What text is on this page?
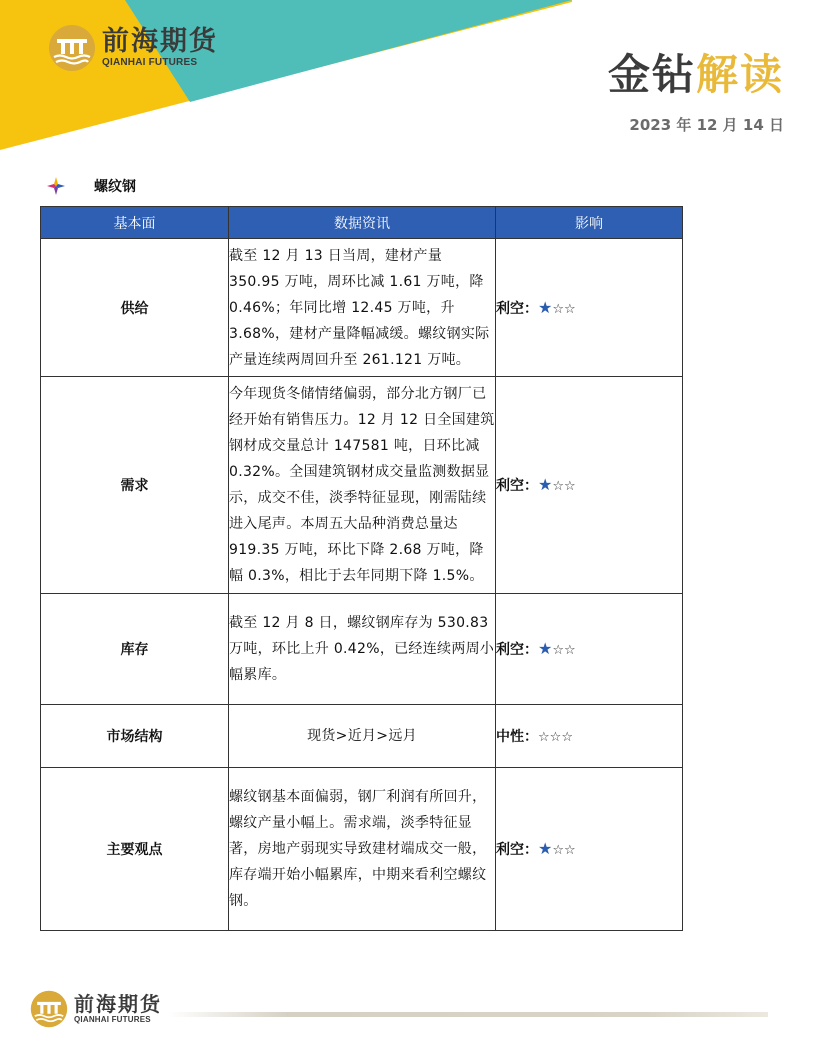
前海期货
QIANHAI FUTURES	金钻解读
2023 年 12 月 14 日
螺纹钢
基本面	数据资讯	影响
供给	截至 12 月 13 日当周，建材产量 350.95 万吨，周环比减 1.61 万吨，降 0.46%；年同比增 12.45 万吨，升 3.68%，建材产量降幅减缓。螺纹钢实际产量连续两周回升至 261.121 万吨。	利空：★☆☆
需求	今年现货冬储情绪偏弱，部分北方钢厂已经开始有销售压力。12 月 12 日全国建筑钢材成交量总计 147581 吨，日环比减 0.32%。全国建筑钢材成交量监测数据显示，成交不佳，淡季特征显现，刚需陆续进入尾声。本周五大品种消费总量达 919.35 万吨，环比下降 2.68 万吨，降幅 0.3%，相比于去年同期下降 1.5%。	利空：★☆☆
库存	截至 12 月 8 日，螺纹钢库存为 530.83 万吨，环比上升 0.42%，已经连续两周小幅累库。	利空：★☆☆
市场结构	现货>近月>远月	中性：☆☆☆
主要观点	螺纹钢基本面偏弱，钢厂利润有所回升，螺纹产量小幅上。需求端，淡季特征显著，房地产弱现实导致建材端成交一般，库存端开始小幅累库，中期来看利空螺纹钢。	利空：★☆☆
前海期货
QIANHAI FUTURES
